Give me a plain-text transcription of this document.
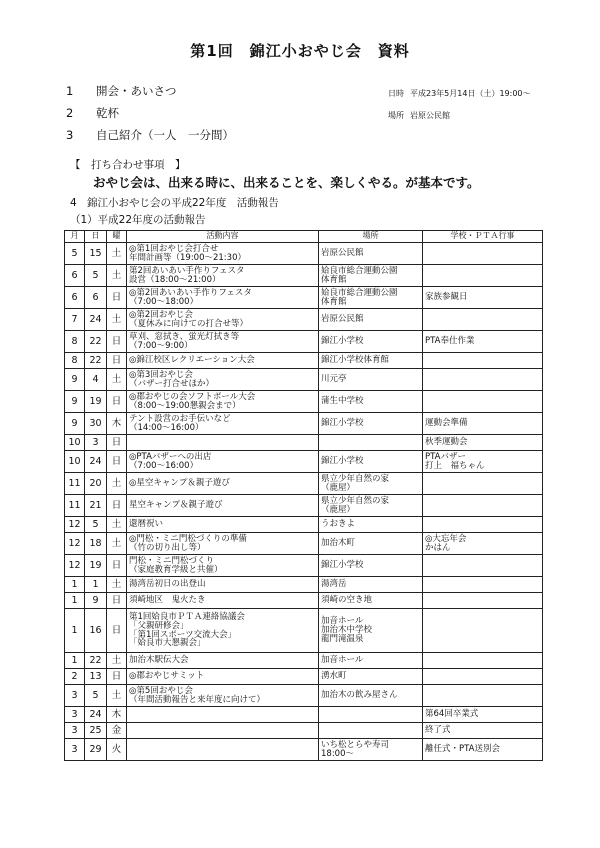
第1回　錦江小おやじ会　資料
1	開会・あいさつ
2	乾杯
3	自己紹介（一人　一分間）
日時 平成23年5月14日（土）19:00～
場所 岩原公民館
【　打ち合わせ事項　】
おやじ会は、出来る時に、出来ることを、楽しくやる。が基本です。
4 錦江小おやじ会の平成22年度　活動報告
（1）平成22年度の活動報告
月	日	曜	活動内容	場所	学校・ＰＴＡ行事
5	15	土	◎第1回おやじ会打合せ
年間計画等（19:00～21:30）	岩原公民館	

6	5	土	第2回あいあい手作りフェスタ
設営（18:00～21:00）	姶良市総合運動公園
体育館	

6	6	日	◎第2回あいあい手作りフェスタ
（7:00～18:00）	姶良市総合運動公園
体育館	家族参観日

7	24	土	◎第2回おやじ会
（夏休みに向けての打合せ等）	岩原公民館	

8	22	日	草刈、窓拭き、蛍光灯拭き等
（7:00～9:00）	錦江小学校	PTA奉仕作業

8	22	日	◎錦江校区レクリエーション大会	錦江小学校体育館	

9	4	土	◎第3回おやじ会
（バザー打合せほか）	川元亭	

9	19	日	◎郡おやじの会ソフトボール大会
（8:00～19:00懇親会まで）	蒲生中学校	

9	30	木	テント設営のお手伝いなど
（14:00～16:00）	錦江小学校	運動会準備

10	3	日			秋季運動会

10	24	日	◎PTAバザーへの出店
（7:00～16:00）	錦江小学校	PTAバザー
打上　福ちゃん

11	20	土	◎星空キャンプ＆親子遊び	県立少年自然の家
（鹿屋）	

11	21	日	星空キャンプ＆親子遊び	県立少年自然の家
（鹿屋）	

12	5	土	還暦祝い	うおきよ	

12	18	土	◎門松・ミニ門松づくりの準備
（竹の切り出し等）	加治木町	◎大忘年会
かはん

12	19	日	門松・ミニ門松づくり
（家庭教育学級と共催）	錦江小学校	

1	1	土	湯湾岳初日の出登山	湯湾岳	

1	9	日	須崎地区　鬼火たき	須崎の空き地	

1	16	日	第1回姶良市ＰＴＡ連絡協議会
「父親研修会」
「第1回スポーツ交流大会」
「姶良市大懇親会」	加音ホール
加治木中学校
龍門滝温泉	

1	22	土	加治木駅伝大会	加音ホール	

2	13	日	◎郡おやじサミット	湧水町	

3	5	土	◎第5回おやじ会
（年間活動報告と来年度に向けて）	加治木の飲み屋さん	

3	24	木			第64回卒業式

3	25	金			終了式

3	29	火		いち松とらや寿司
18:00～	離任式・PTA送別会
